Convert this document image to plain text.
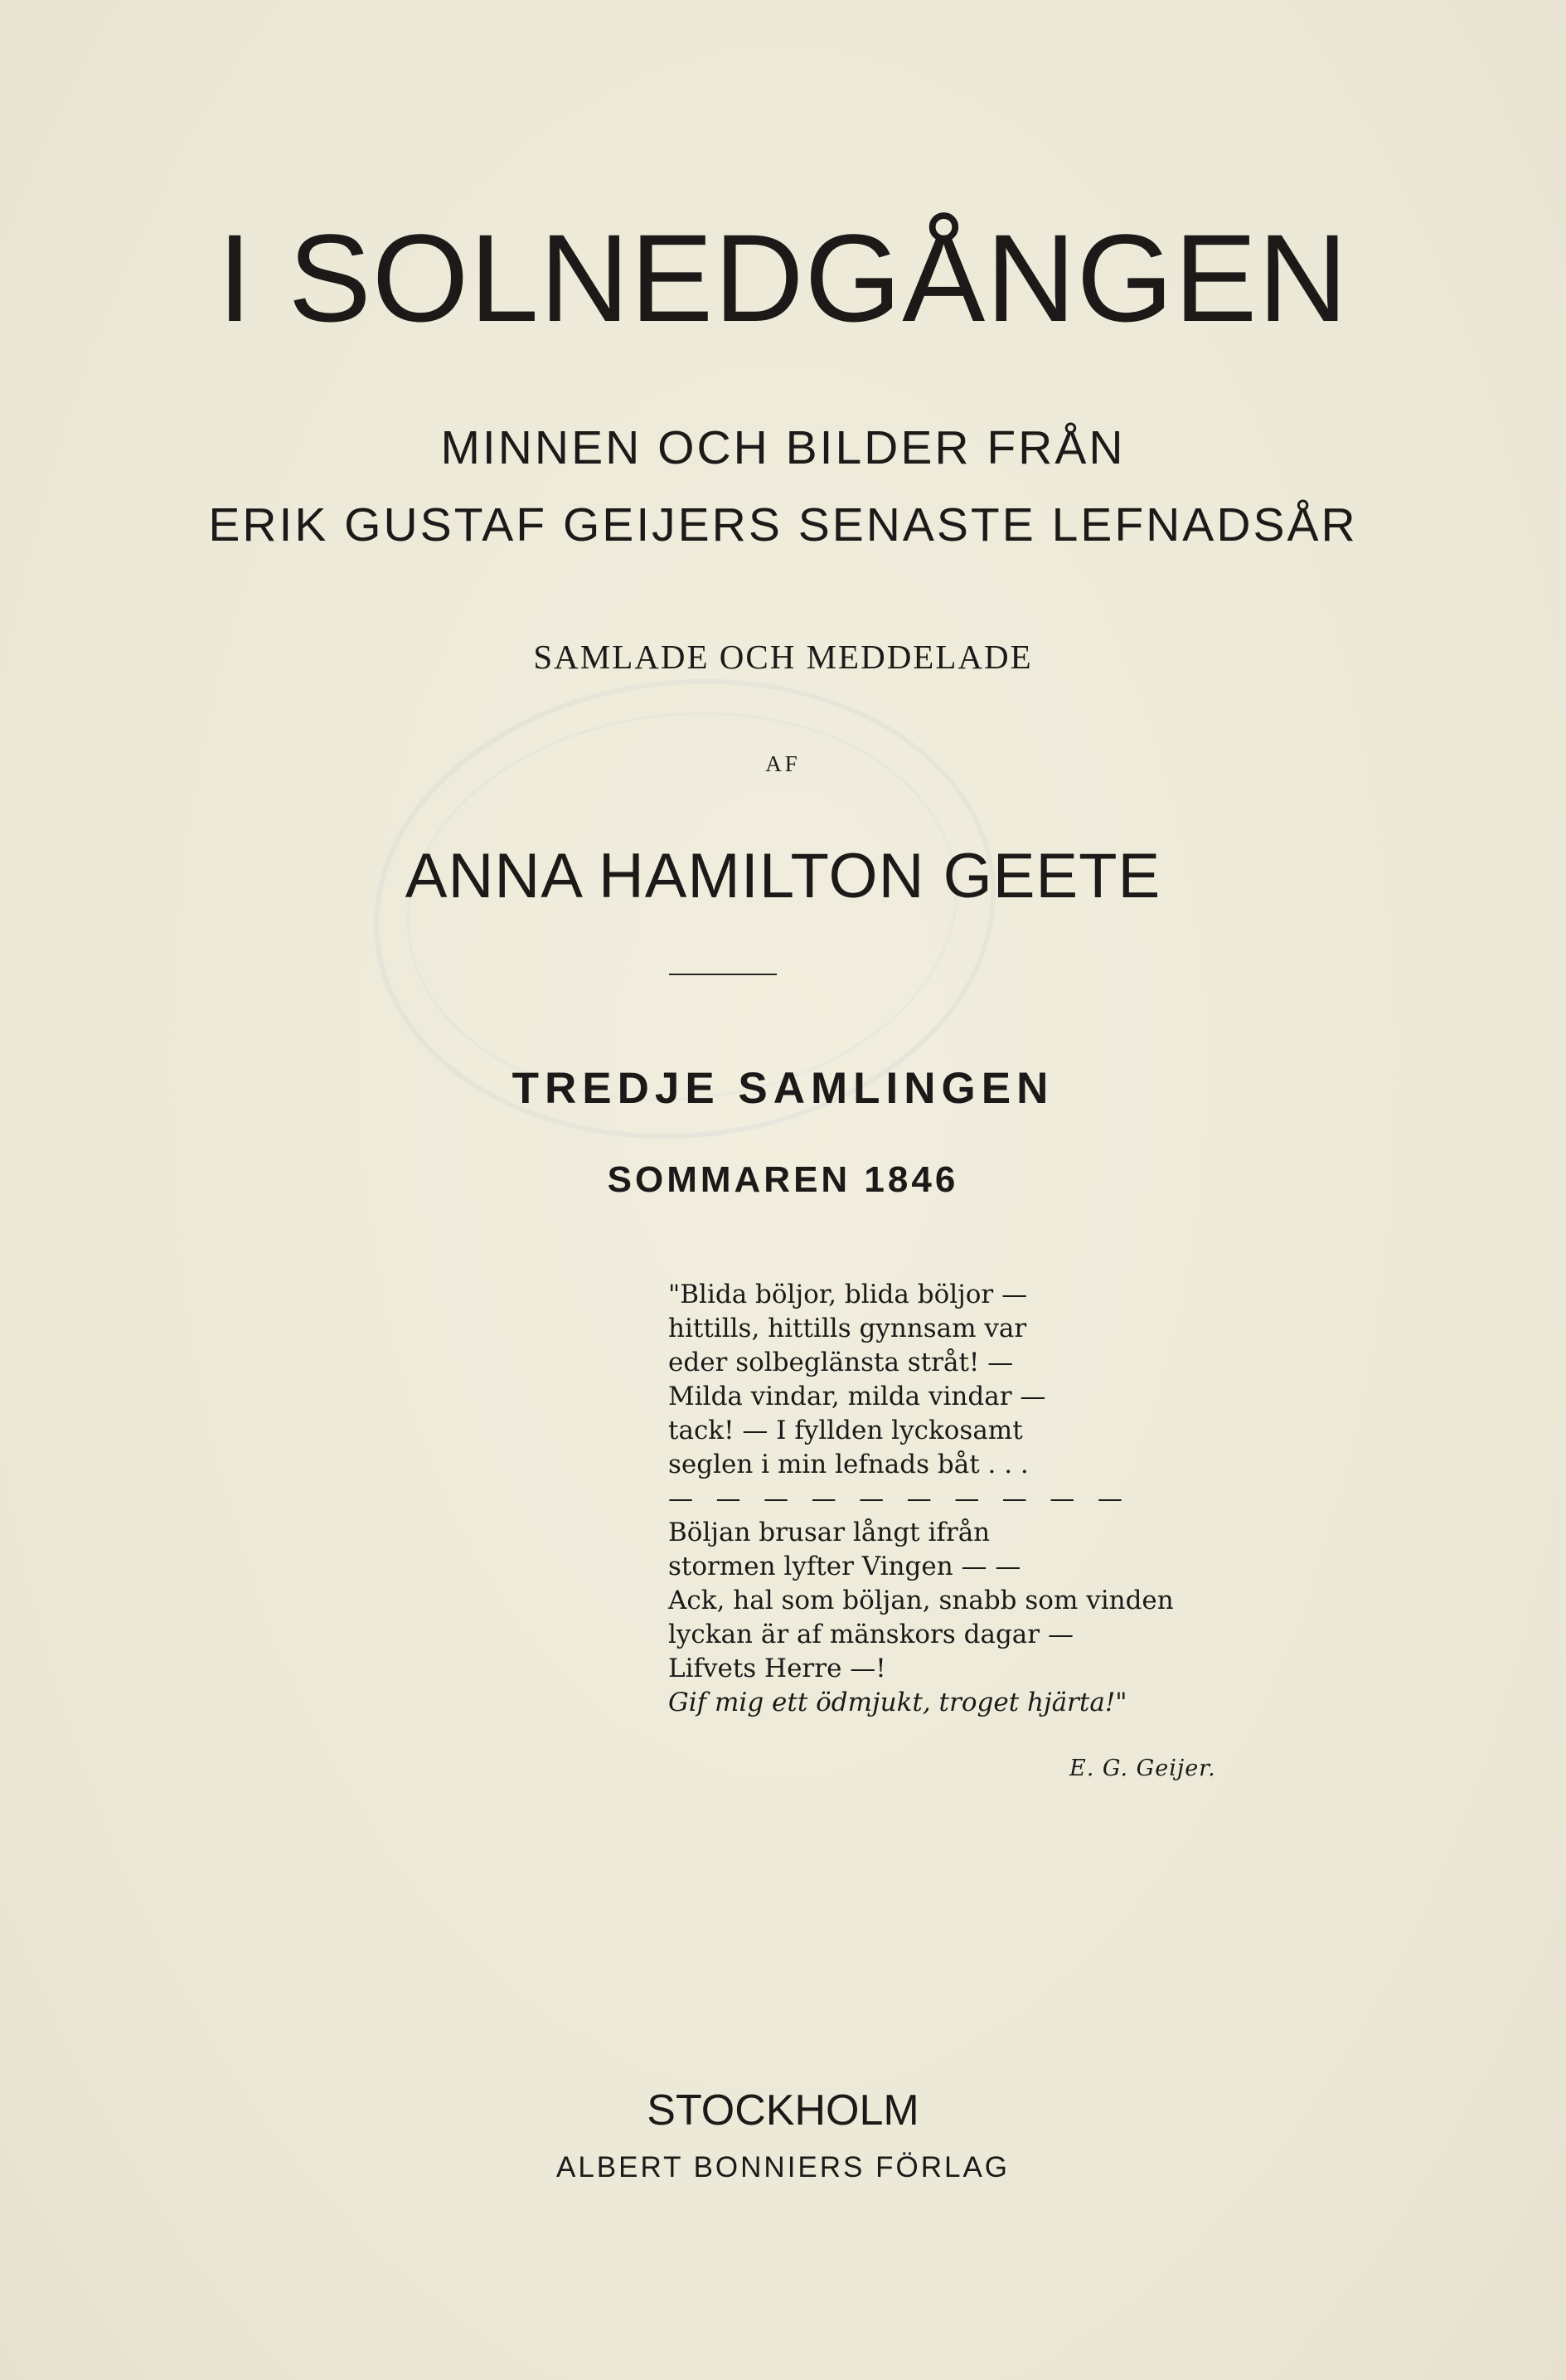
I SOLNEDGÅNGEN
MINNEN OCH BILDER FRÅN
ERIK GUSTAF GEIJERS SENASTE LEFNADSÅR
SAMLADE OCH MEDDELADE
AF
ANNA HAMILTON GEETE
TREDJE SAMLINGEN
SOMMAREN 1846
"Blida böljor, blida böljor —
hittills, hittills gynnsam var
eder solbeglänsta stråt! —
Milda vindar, milda vindar —
tack! — I fyllden lyckosamt
seglen i min lefnads båt . . .
— — — — — — — — — —
Böljan brusar långt ifrån
stormen lyfter Vingen — —
Ack, hal som böljan, snabb som vinden
lyckan är af mänskors dagar —
Lifvets Herre —!
Gif mig ett ödmjukt, troget hjärta!"
E. G. Geijer.
STOCKHOLM
ALBERT BONNIERS FÖRLAG
